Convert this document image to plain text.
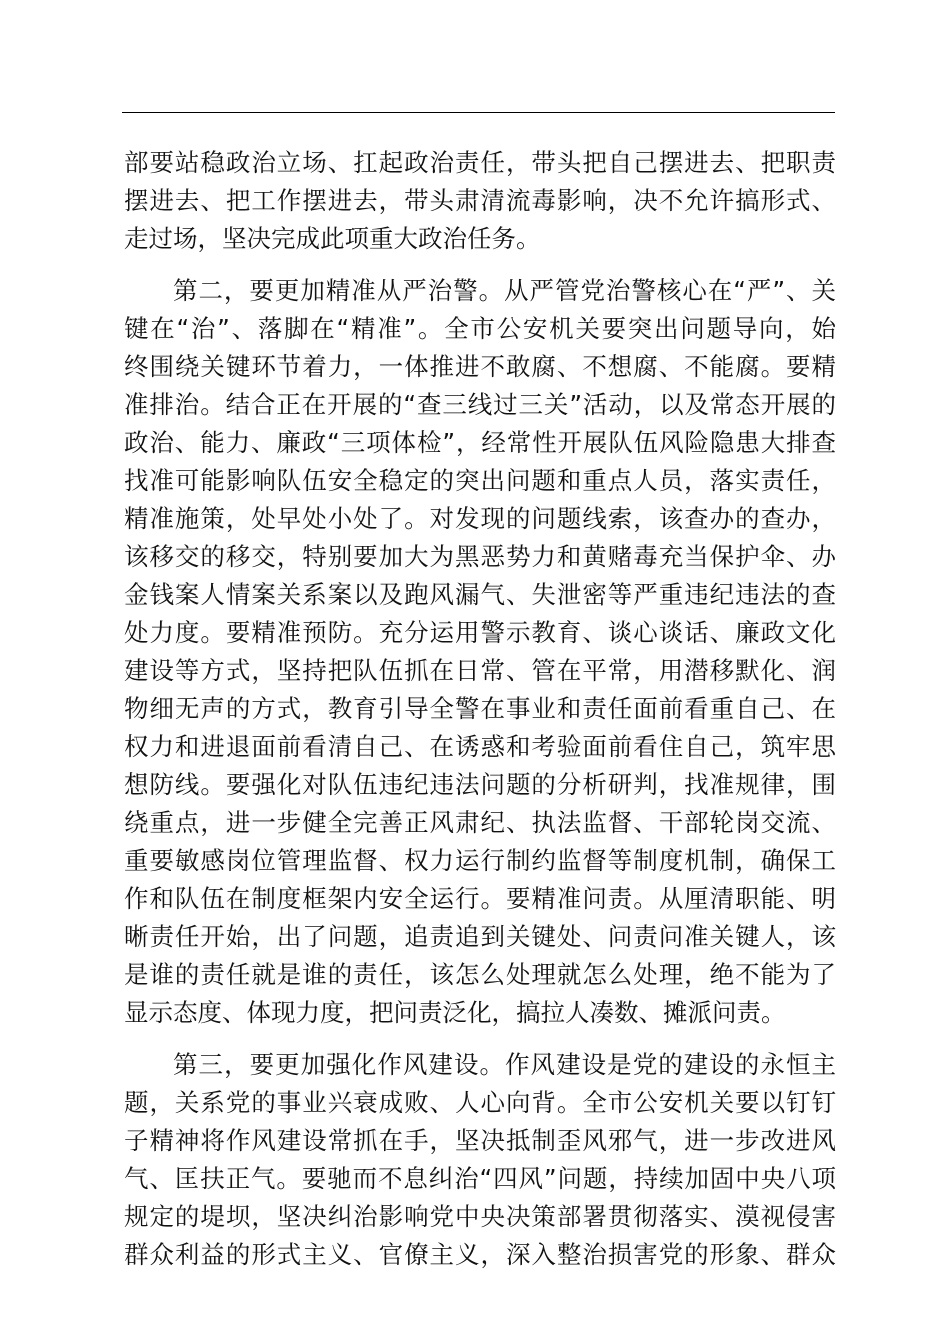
部要站稳政治立场、扛起政治责任，带头把自己摆进去、把职责
摆进去、把工作摆进去，带头肃清流毒影响，决不允许搞形式、
走过场，坚决完成此项重大政治任务。
第二，要更加精准从严治警。从严管党治警核心在“严”、关
键在“治”、落脚在“精准”。全市公安机关要突出问题导向，始
终围绕关键环节着力，一体推进不敢腐、不想腐、不能腐。要精
准排治。结合正在开展的“查三线过三关”活动，以及常态开展的
政治、能力、廉政“三项体检”，经常性开展队伍风险隐患大排查
找准可能影响队伍安全稳定的突出问题和重点人员，落实责任，
精准施策，处早处小处了。对发现的问题线索，该查办的查办，
该移交的移交，特别要加大为黑恶势力和黄赌毒充当保护伞、办
金钱案人情案关系案以及跑风漏气、失泄密等严重违纪违法的查
处力度。要精准预防。充分运用警示教育、谈心谈话、廉政文化
建设等方式，坚持把队伍抓在日常、管在平常，用潜移默化、润
物细无声的方式，教育引导全警在事业和责任面前看重自己、在
权力和进退面前看清自己、在诱惑和考验面前看住自己，筑牢思
想防线。要强化对队伍违纪违法问题的分析研判，找准规律，围
绕重点，进一步健全完善正风肃纪、执法监督、干部轮岗交流、
重要敏感岗位管理监督、权力运行制约监督等制度机制，确保工
作和队伍在制度框架内安全运行。要精准问责。从厘清职能、明
晰责任开始，出了问题，追责追到关键处、问责问准关键人，该
是谁的责任就是谁的责任，该怎么处理就怎么处理，绝不能为了
显示态度、体现力度，把问责泛化，搞拉人凑数、摊派问责。
第三，要更加强化作风建设。作风建设是党的建设的永恒主
题，关系党的事业兴衰成败、人心向背。全市公安机关要以钉钉
子精神将作风建设常抓在手，坚决抵制歪风邪气，进一步改进风
气、匡扶正气。要驰而不息纠治“四风”问题，持续加固中央八项
规定的堤坝，坚决纠治影响党中央决策部署贯彻落实、漠视侵害
群众利益的形式主义、官僚主义，深入整治损害党的形象、群众
